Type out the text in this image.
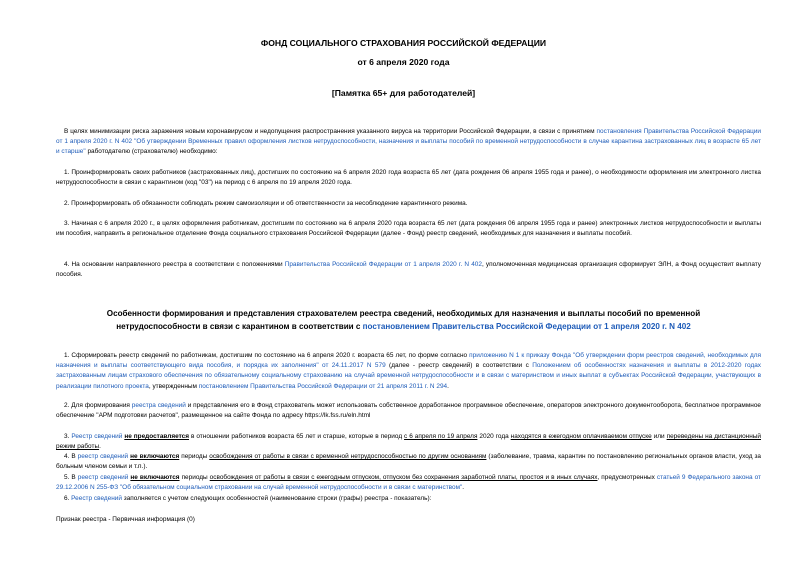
ФОНД СОЦИАЛЬНОГО СТРАХОВАНИЯ РОССИЙСКОЙ ФЕДЕРАЦИИ
от 6 апреля 2020 года
[Памятка 65+ для работодателей]
В целях минимизации риска заражения новым коронавирусом и недопущения распространения указанного вируса на территории Российской Федерации, в связи с принятием постановления Правительства Российской Федерации от 1 апреля 2020 г. N 402 "Об утверждении Временных правил оформления листков нетрудоспособности, назначения и выплаты пособий по временной нетрудоспособности в случае карантина застрахованных лиц в возрасте 65 лет и старше" работодателю (страхователю) необходимо:
1. Проинформировать своих работников (застрахованных лиц), достигших по состоянию на 6 апреля 2020 года возраста 65 лет (дата рождения 06 апреля 1955 года и ранее), о необходимости оформления им электронного листка нетрудоспособности в связи с карантином (код "03") на период с 6 апреля по 19 апреля 2020 года.
2. Проинформировать об обязанности соблюдать режим самоизоляции и об ответственности за несоблюдение карантинного режима.
3. Начиная с 6 апреля 2020 г., в целях оформления работникам, достигшим по состоянию на 6 апреля 2020 года возраста 65 лет (дата рождения 06 апреля 1955 года и ранее) электронных листков нетрудоспособности и выплаты им пособия, направить в региональное отделение Фонда социального страхования Российской Федерации (далее - Фонд) реестр сведений, необходимых для назначения и выплаты пособий.
4. На основании направленного реестра в соответствии с положениями Правительства Российской Федерации от 1 апреля 2020 г. N 402, уполномоченная медицинская организация сформирует ЭЛН, а Фонд осуществит выплату пособия.
Особенности формирования и представления страхователем реестра сведений, необходимых для назначения и выплаты пособий по временной
нетрудоспособности в связи с карантином в соответствии с постановлением Правительства Российской Федерации от 1 апреля 2020 г. N 402
1. Сформировать реестр сведений по работникам, достигшим по состоянию на 6 апреля 2020 г. возраста 65 лет, по форме согласно приложению N 1 к приказу Фонда "Об утверждении форм реестров сведений, необходимых для назначения и выплаты соответствующего вида пособия, и порядка их заполнения" от 24.11.2017 N 579 (далее - реестр сведений) в соответствии с Положением об особенностях назначения и выплаты в 2012-2020 годах застрахованным лицам страхового обеспечения по обязательному социальному страхованию на случай временной нетрудоспособности и в связи с материнством и иных выплат в субъектах Российской Федерации, участвующих в реализации пилотного проекта, утвержденным постановлением Правительства Российской Федерации от 21 апреля 2011 г. N 294.
2. Для формирования реестра сведений и представления его в Фонд страхователь может использовать собственное доработанное программное обеспечение, операторов электронного документооборота, бесплатное программное обеспечение "АРМ подготовки расчетов", размещенное на сайте Фонда по адресу https://lk.fss.ru/eln.html
3. Реестр сведений не предоставляется в отношении работников возраста 65 лет и старше, которые в период с 6 апреля по 19 апреля 2020 года находятся в ежегодном оплачиваемом отпуске или переведены на дистанционный режим работы.
4. В реестр сведений не включаются периоды освобождения от работы в связи с временной нетрудоспособностью по другим основаниям (заболевание, травма, карантин по постановлению региональных органов власти, уход за больным членом семьи и т.п.).
5. В реестр сведений не включаются периоды освобождения от работы в связи с ежегодным отпуском, отпуском без сохранения заработной платы, простоя и в иных случаях, предусмотренных статьей 9 Федерального закона от 29.12.2006 N 255-ФЗ "Об обязательном социальном страховании на случай временной нетрудоспособности и в связи с материнством".
6. Реестр сведений заполняется с учетом следующих особенностей (наименование строки (графы) реестра - показатель):
Признак реестра - Первичная информация (0)
